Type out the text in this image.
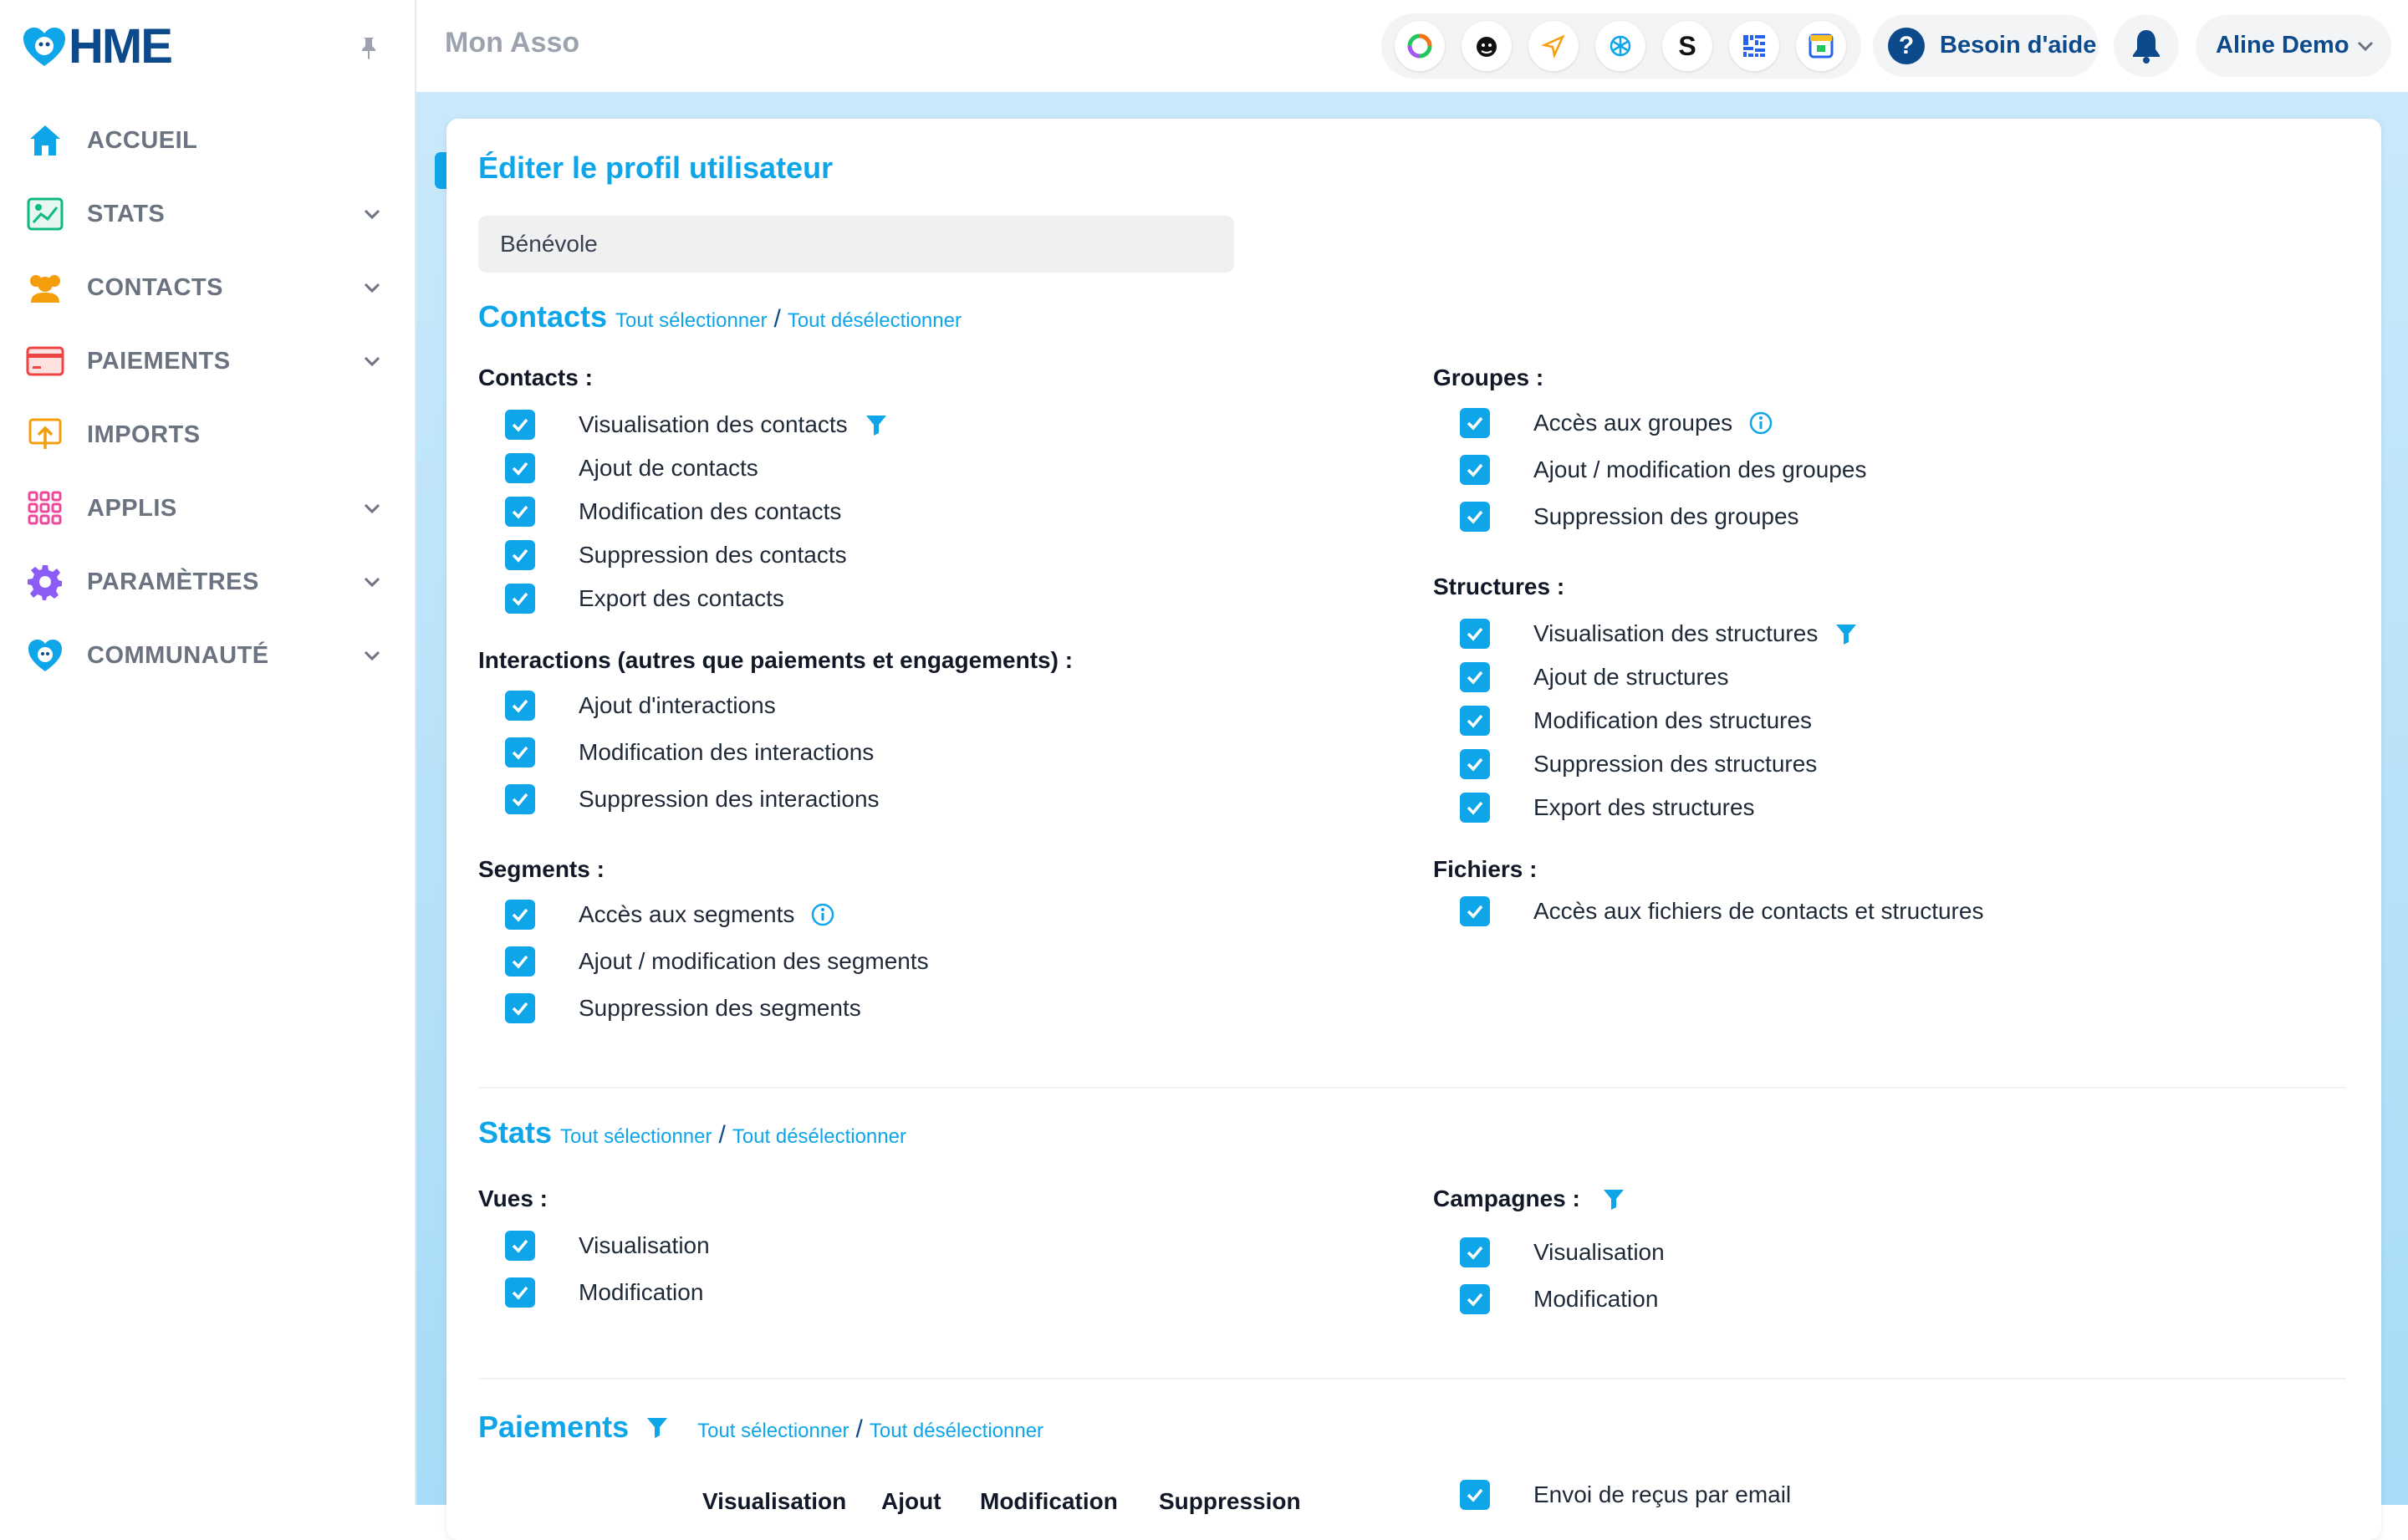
HME
ACCUEIL
STATS
CONTACTS
PAIEMENTS
IMPORTS
APPLIS
PARAMÈTRES
COMMUNAUTÉ
Mon Asso	S	?	Besoin d'aide	Aline Demo
Éditer le profil utilisateur
Bénévole
Contacts Tout sélectionner / Tout désélectionner
Contacts :
Visualisation des contacts
Ajout de contacts
Modification des contacts
Suppression des contacts
Export des contacts
Interactions (autres que paiements et engagements) :
Ajout d'interactions
Modification des interactions
Suppression des interactions
Segments :
Accès aux segments
Ajout / modification des segments
Suppression des segments
Groupes :
Accès aux groupes
Ajout / modification des groupes
Suppression des groupes
Structures :
Visualisation des structures
Ajout de structures
Modification des structures
Suppression des structures
Export des structures
Fichiers :
Accès aux fichiers de contacts et structures
Stats Tout sélectionner / Tout désélectionner
Vues :
Visualisation
Modification
Campagnes :
Visualisation
Modification
Paiements	Tout sélectionner / Tout désélectionner
Visualisation Ajout Modification Suppression	Envoi de reçus par email
